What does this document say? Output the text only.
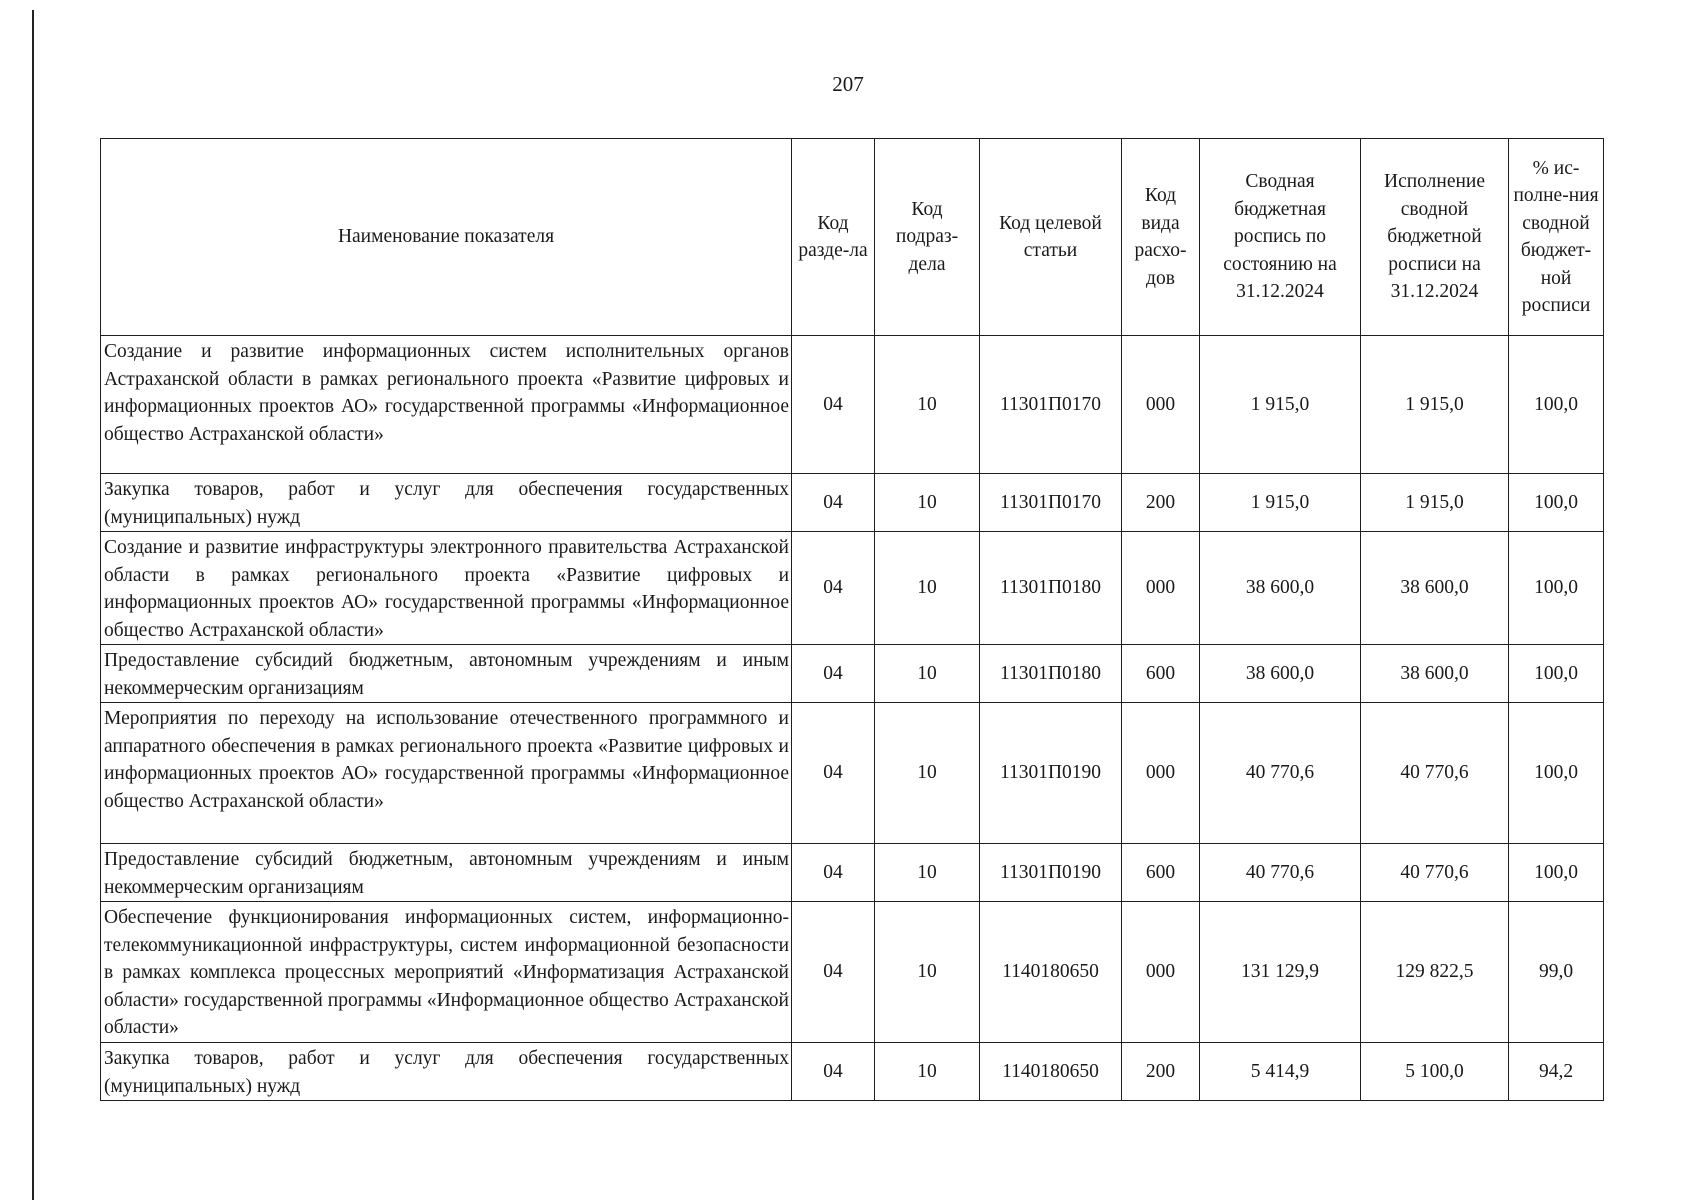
207
Наименование показателя	Код разде-ла	Код подраз-дела	Код целевой статьи	Код вида расхо-дов	Сводная бюджетная роспись по состоянию на 31.12.2024	Исполнение сводной бюджетной росписи на 31.12.2024	% ис-полне-ния сводной бюджет-ной росписи
Создание и развитие информационных систем исполнительных органов Астраханской области в рамках регионального проекта «Развитие цифровых и информационных проектов АО» государственной программы «Информационное общество Астраханской области»	04	10	11301П0170	000	1 915,0	1 915,0	100,0
Закупка товаров, работ и услуг для обеспечения государственных (муниципальных) нужд	04	10	11301П0170	200	1 915,0	1 915,0	100,0
Создание и развитие инфраструктуры электронного правительства Астраханской области в рамках регионального проекта «Развитие цифровых и информационных проектов АО» государственной программы «Информационное общество Астраханской области»	04	10	11301П0180	000	38 600,0	38 600,0	100,0
Предоставление субсидий бюджетным, автономным учреждениям и иным некоммерческим организациям	04	10	11301П0180	600	38 600,0	38 600,0	100,0
Мероприятия по переходу на использование отечественного программного и аппаратного обеспечения в рамках регионального проекта «Развитие цифровых и информационных проектов АО» государственной программы «Информационное общество Астраханской области»	04	10	11301П0190	000	40 770,6	40 770,6	100,0
Предоставление субсидий бюджетным, автономным учреждениям и иным некоммерческим организациям	04	10	11301П0190	600	40 770,6	40 770,6	100,0
Обеспечение функционирования информационных систем, информационно-телекоммуникационной инфраструктуры, систем информационной безопасности в рамках комплекса процессных мероприятий «Информатизация Астраханской области» государственной программы «Информационное общество Астраханской области»	04	10	1140180650	000	131 129,9	129 822,5	99,0
Закупка товаров, работ и услуг для обеспечения государственных (муниципальных) нужд	04	10	1140180650	200	5 414,9	5 100,0	94,2
